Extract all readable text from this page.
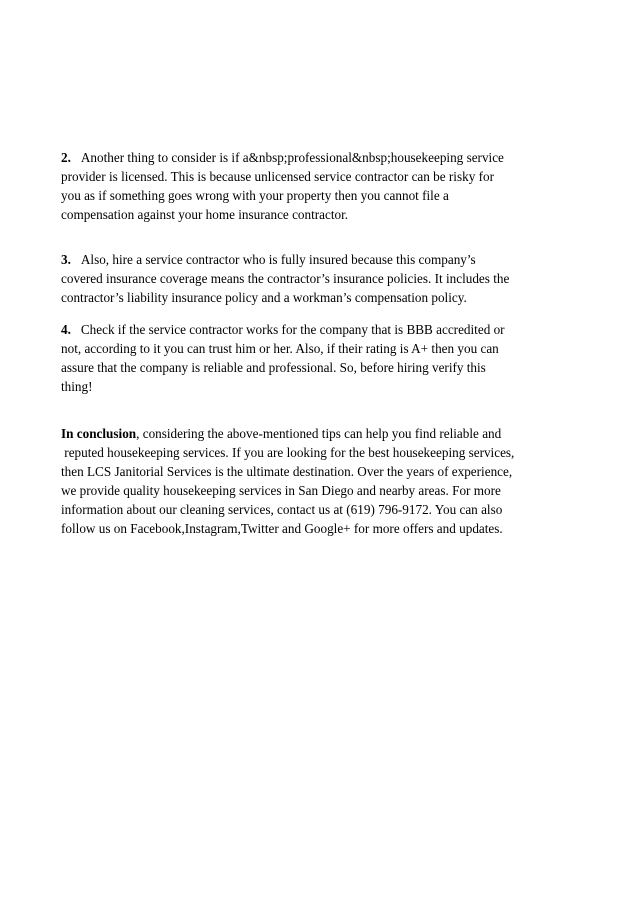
2. Another thing to consider is if a&nbsp;professional&nbsp;housekeeping service
provider is licensed. This is because unlicensed service contractor can be risky for
you as if something goes wrong with your property then you cannot file a
compensation against your home insurance contractor.
3. Also, hire a service contractor who is fully insured because this company’s
covered insurance coverage means the contractor’s insurance policies. It includes the
contractor’s liability insurance policy and a workman’s compensation policy.
4. Check if the service contractor works for the company that is BBB accredited or
not, according to it you can trust him or her. Also, if their rating is A+ then you can
assure that the company is reliable and professional. So, before hiring verify this
thing!
In conclusion, considering the above-mentioned tips can help you find reliable and
reputed housekeeping services. If you are looking for the best housekeeping services,
then LCS Janitorial Services is the ultimate destination. Over the years of experience,
we provide quality housekeeping services in San Diego and nearby areas. For more
information about our cleaning services, contact us at (619) 796-9172. You can also
follow us on Facebook,Instagram,Twitter and Google+ for more offers and updates.
